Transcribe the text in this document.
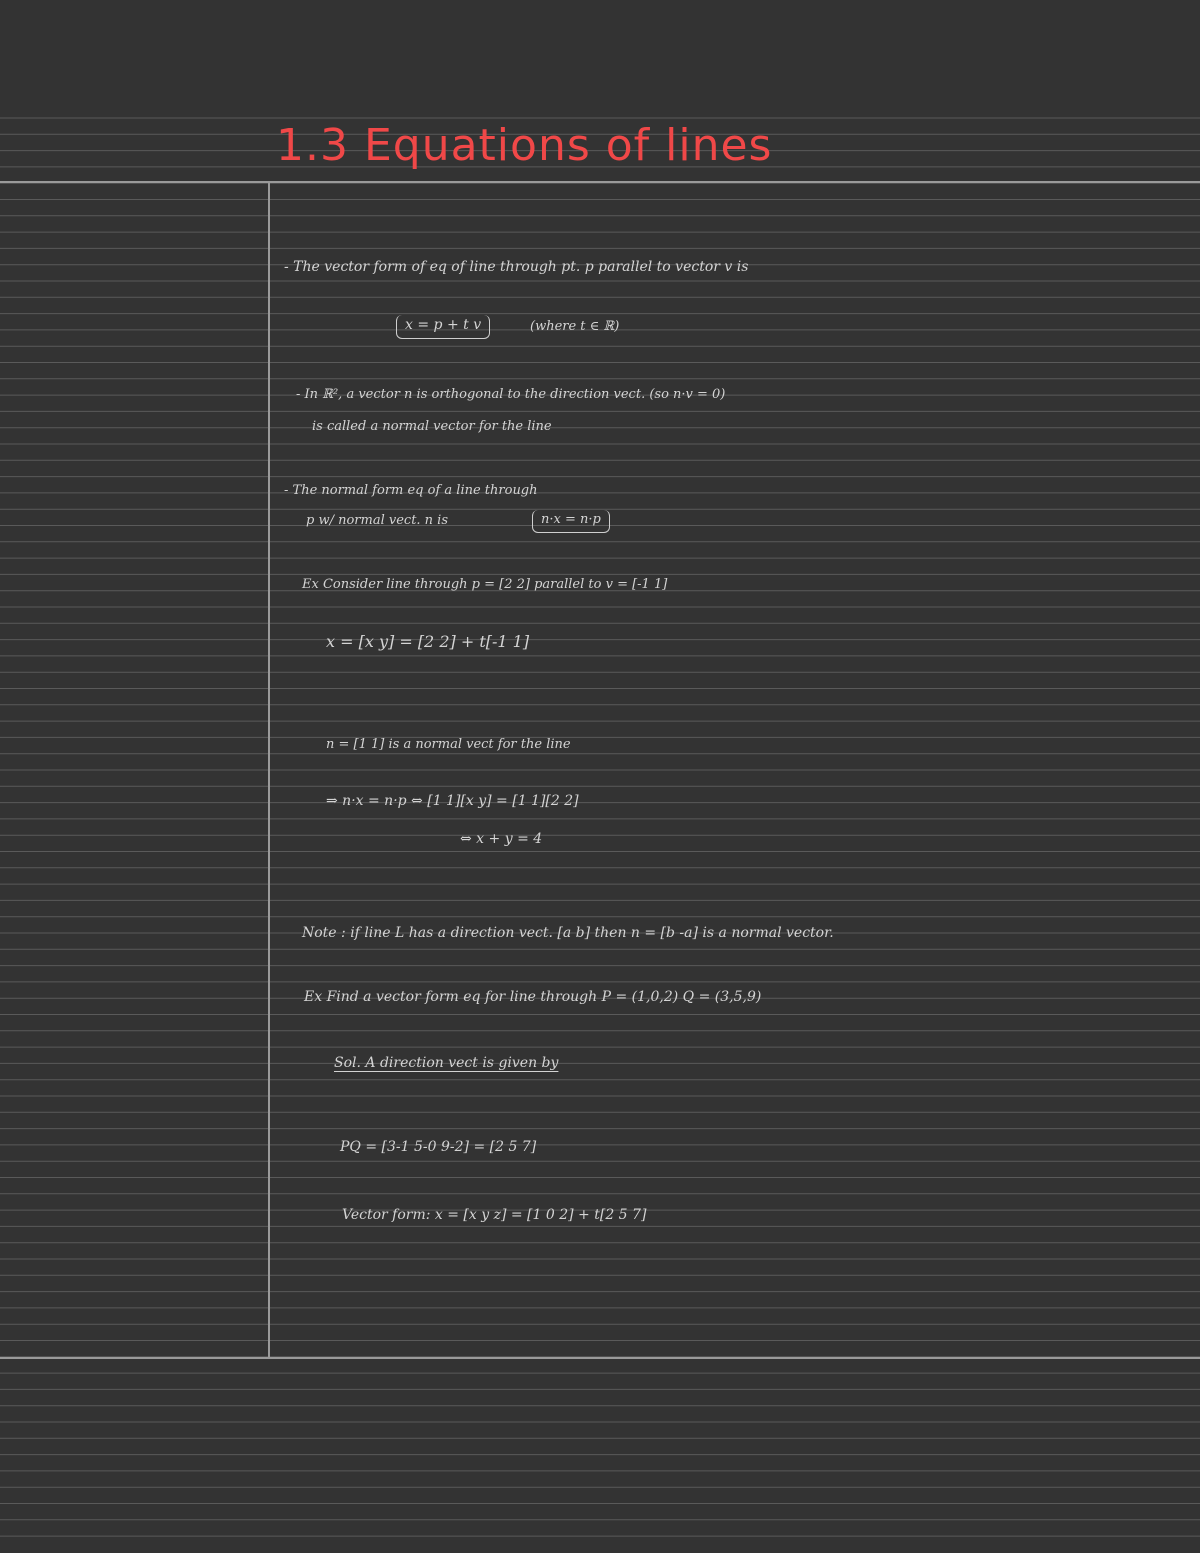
1.3 Equations of lines
- The vector form of eq of line through pt. p parallel to vector v is
x = p + t v	(where t ∈ ℝ)
- In ℝ², a vector n is orthogonal to the direction vect. (so n·v = 0)
is called a normal vector for the line
- The normal form eq of a line through
p w/ normal vect. n is	n·x = n·p
Ex Consider line through p = [2 2] parallel to v = [-1 1]
x = [x y] = [2 2] + t[-1 1]
n = [1 1] is a normal vect for the line
⇒ n·x = n·p ⇔ [1 1][x y] = [1 1][2 2]
⇔ x + y = 4
Note : if line L has a direction vect. [a b] then n = [b -a] is a normal vector.
Ex Find a vector form eq for line through P = (1,0,2) Q = (3,5,9)
Sol. A direction vect is given by
PQ = [3-1 5-0 9-2] = [2 5 7]
Vector form: x = [x y z] = [1 0 2] + t[2 5 7]
